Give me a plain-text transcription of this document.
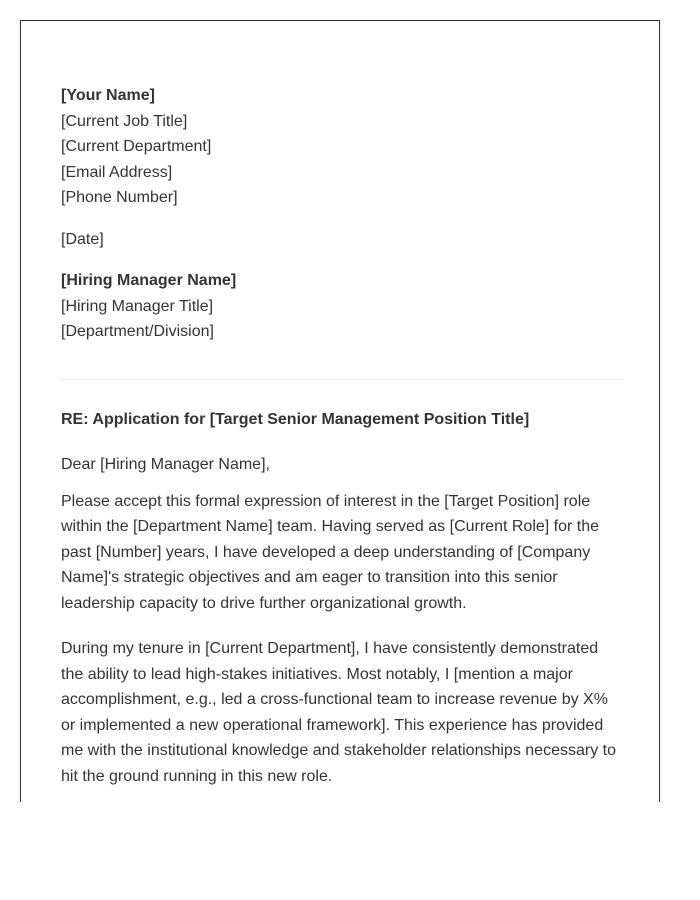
[Your Name]
[Current Job Title]
[Current Department]
[Email Address]
[Phone Number]
[Date]
[Hiring Manager Name]
[Hiring Manager Title]
[Department/Division]
RE: Application for [Target Senior Management Position Title]
Dear [Hiring Manager Name],

Please accept this formal expression of interest in the [Target Position] role within the [Department Name] team. Having served as [Current Role] for the past [Number] years, I have developed a deep understanding of [Company Name]'s strategic objectives and am eager to transition into this senior leadership capacity to drive further organizational growth.

During my tenure in [Current Department], I have consistently demonstrated the ability to lead high-stakes initiatives. Most notably, I [mention a major accomplishment, e.g., led a cross-functional team to increase revenue by X% or implemented a new operational framework]. This experience has provided me with the institutional knowledge and stakeholder relationships necessary to hit the ground running in this new role.
